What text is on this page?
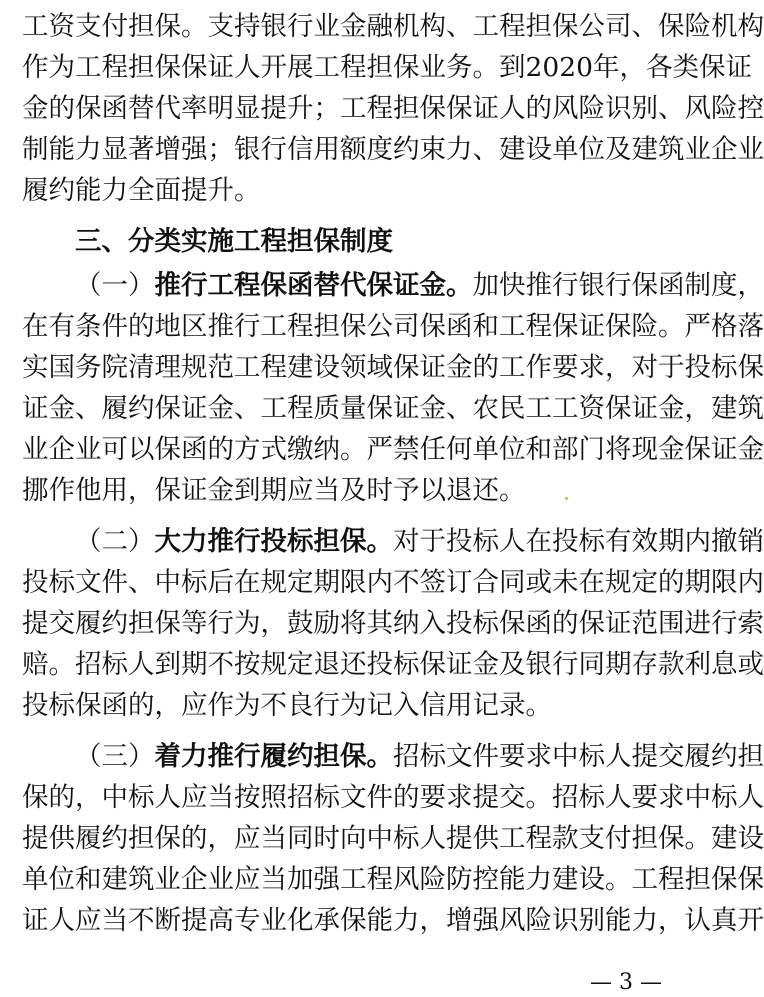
工资支付担保。支持银行业金融机构、工程担保公司、保险机构
作为工程担保保证人开展工程担保业务。到2020年，各类保证
金的保函替代率明显提升；工程担保保证人的风险识别、风险控
制能力显著增强；银行信用额度约束力、建设单位及建筑业企业
履约能力全面提升。
三、分类实施工程担保制度
（一）推行工程保函替代保证金。加快推行银行保函制度，
在有条件的地区推行工程担保公司保函和工程保证保险。严格落
实国务院清理规范工程建设领域保证金的工作要求，对于投标保
证金、履约保证金、工程质量保证金、农民工工资保证金，建筑
业企业可以保函的方式缴纳。严禁任何单位和部门将现金保证金
挪作他用，保证金到期应当及时予以退还。
（二）大力推行投标担保。对于投标人在投标有效期内撤销
投标文件、中标后在规定期限内不签订合同或未在规定的期限内
提交履约担保等行为，鼓励将其纳入投标保函的保证范围进行索
赔。招标人到期不按规定退还投标保证金及银行同期存款利息或
投标保函的，应作为不良行为记入信用记录。
（三）着力推行履约担保。招标文件要求中标人提交履约担
保的，中标人应当按照招标文件的要求提交。招标人要求中标人
提供履约担保的，应当同时向中标人提供工程款支付担保。建设
单位和建筑业企业应当加强工程风险防控能力建设。工程担保保
证人应当不断提高专业化承保能力，增强风险识别能力，认真开
— 3 —
